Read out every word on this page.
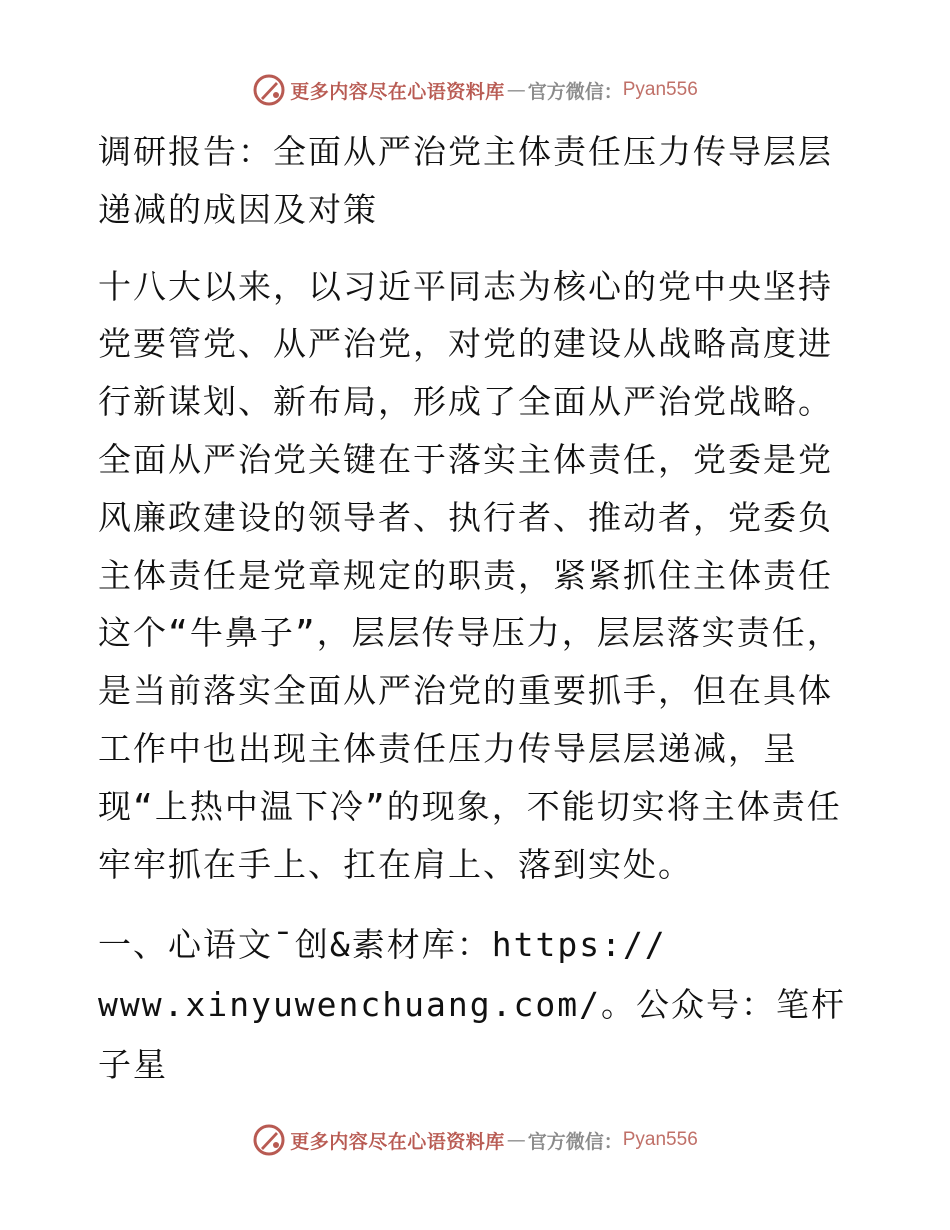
更多内容尽在心语资料库 — 官方微信： Pyan556

调研报告：全面从严治党主体责任压力传导层层递减的成因及对策

十八大以来，以习近平同志为核心的党中央坚持党要管党、从严治党，对党的建设从战略高度进行新谋划、新布局，形成了全面从严治党战略。全面从严治党关键在于落实主体责任，党委是党风廉政建设的领导者、执行者、推动者，党委负主体责任是党章规定的职责，紧紧抓住主体责任这个“牛鼻子”，层层传导压力，层层落实责任，是当前落实全面从严治党的重要抓手，但在具体工作中也出现主体责任压力传导层层递减，呈现“上热中温下冷”的现象，不能切实将主体责任牢牢抓在手上、扛在肩上、落到实处。

一、心语文¯创&素材库：https://

www.xinyuwenchuang.com/。公众号：笔杆子星

更多内容尽在心语资料库 — 官方微信： Pyan556
